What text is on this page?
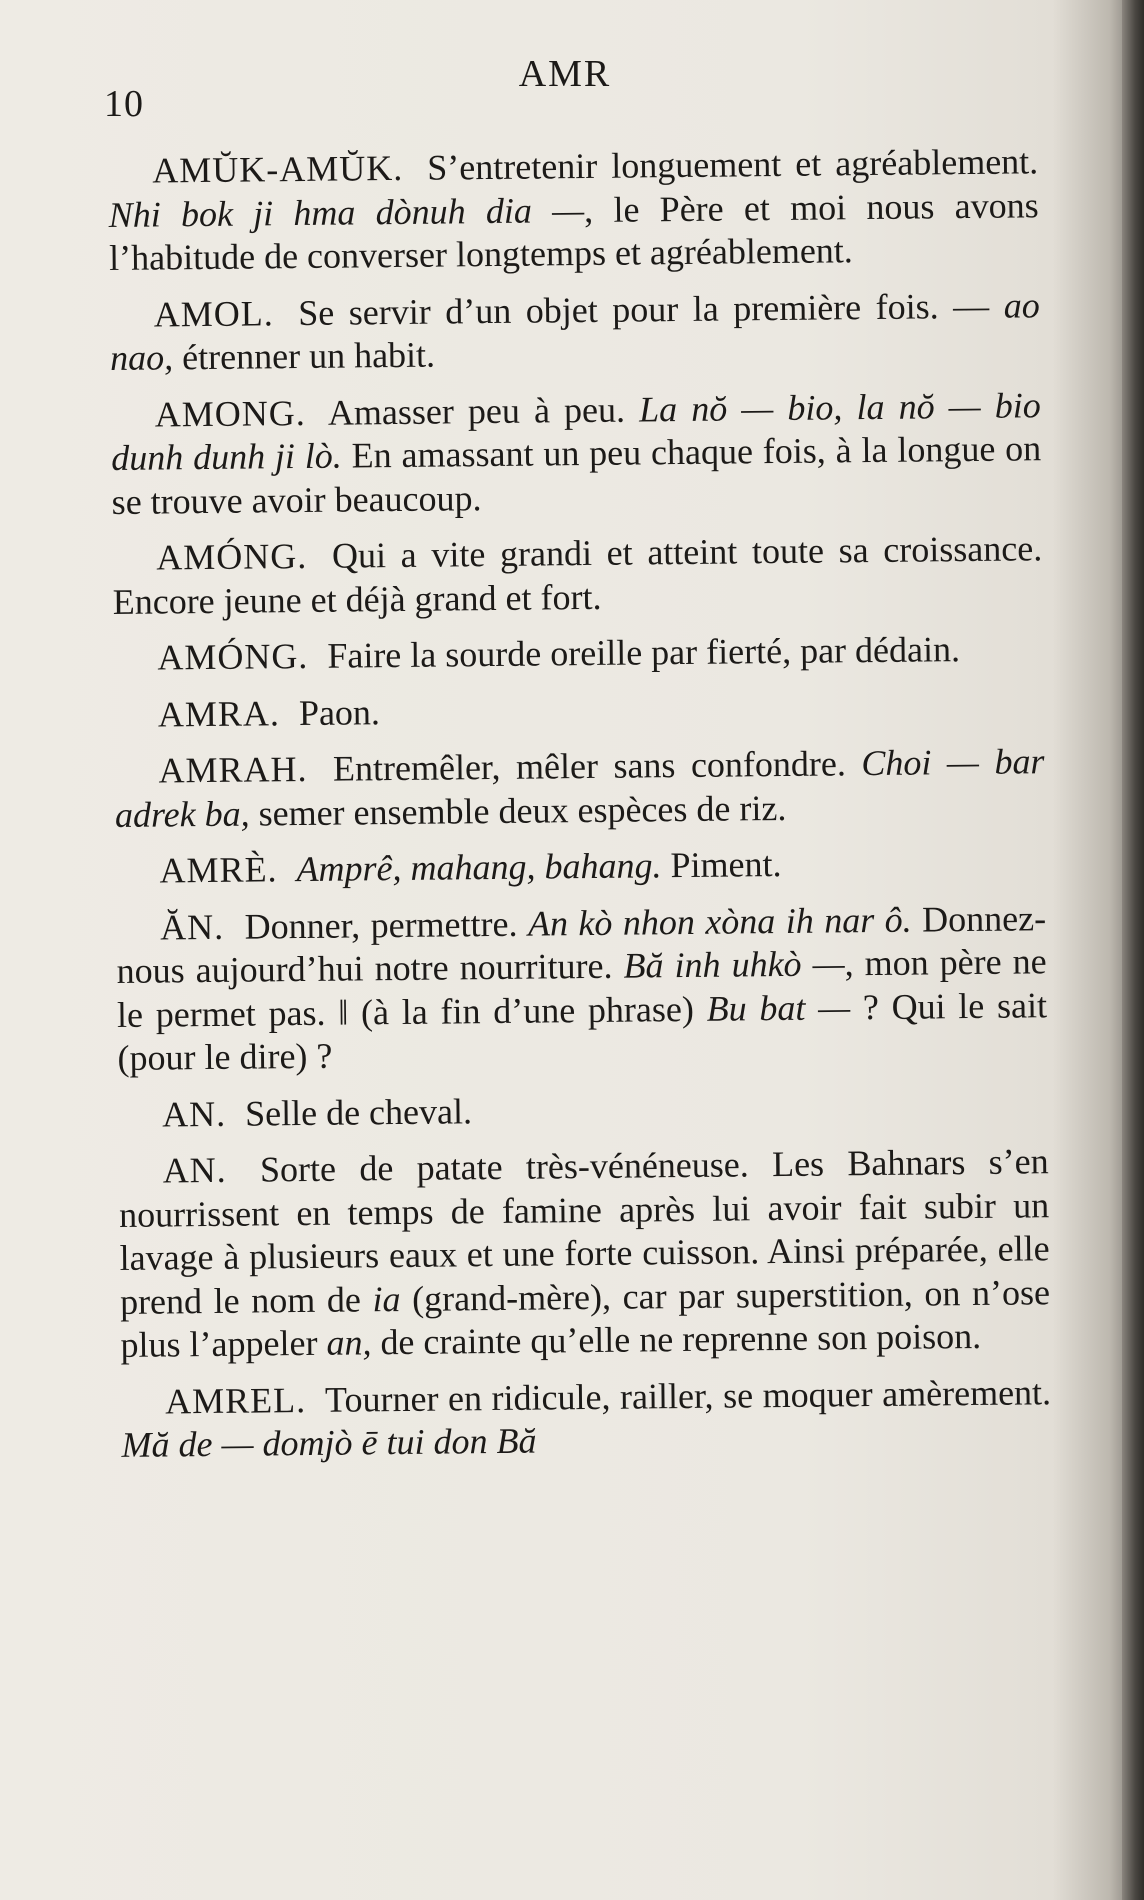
10
AMR

AMŬK-AMŬK. S’entretenir longuement et agréablement. Nhi bok ji hma dònuh dia —, le Père et moi nous avons l’habitude de converser longtemps et agréablement.

AMOL. Se servir d’un objet pour la première fois. — ao nao, étrenner un habit.

AMONG. Amasser peu à peu. La nŏ — bio, la nŏ — bio dunh dunh ji lò. En amassant un peu chaque fois, à la longue on se trouve avoir beaucoup.

AMÓNG. Qui a vite grandi et atteint toute sa croissance. Encore jeune et déjà grand et fort.

AMÓNG. Faire la sourde oreille par fierté, par dédain.

AMRA. Paon.

AMRAH. Entremêler, mêler sans confondre. Choi — bar adrek ba, semer ensemble deux espèces de riz.

AMRÈ. Amprê, mahang, bahang. Piment.

ĂN. Donner, permettre. An kò nhon xòna ih nar ô. Donnez-nous aujourd’hui notre nourriture. Bă inh uhkò —, mon père ne le permet pas. ‖ (à la fin d’une phrase) Bu bat — ? Qui le sait (pour le dire) ?

AN. Selle de cheval.

AN. Sorte de patate très-vénéneuse. Les Bahnars s’en nourrissent en temps de famine après lui avoir fait subir un lavage à plusieurs eaux et une forte cuisson. Ainsi préparée, elle prend le nom de ia (grand-mère), car par superstition, on n’ose plus l’appeler an, de crainte qu’elle ne reprenne son poison.

AMREL. Tourner en ridicule, railler, se moquer amèrement. Mă de — domjò ē tui don Bă
